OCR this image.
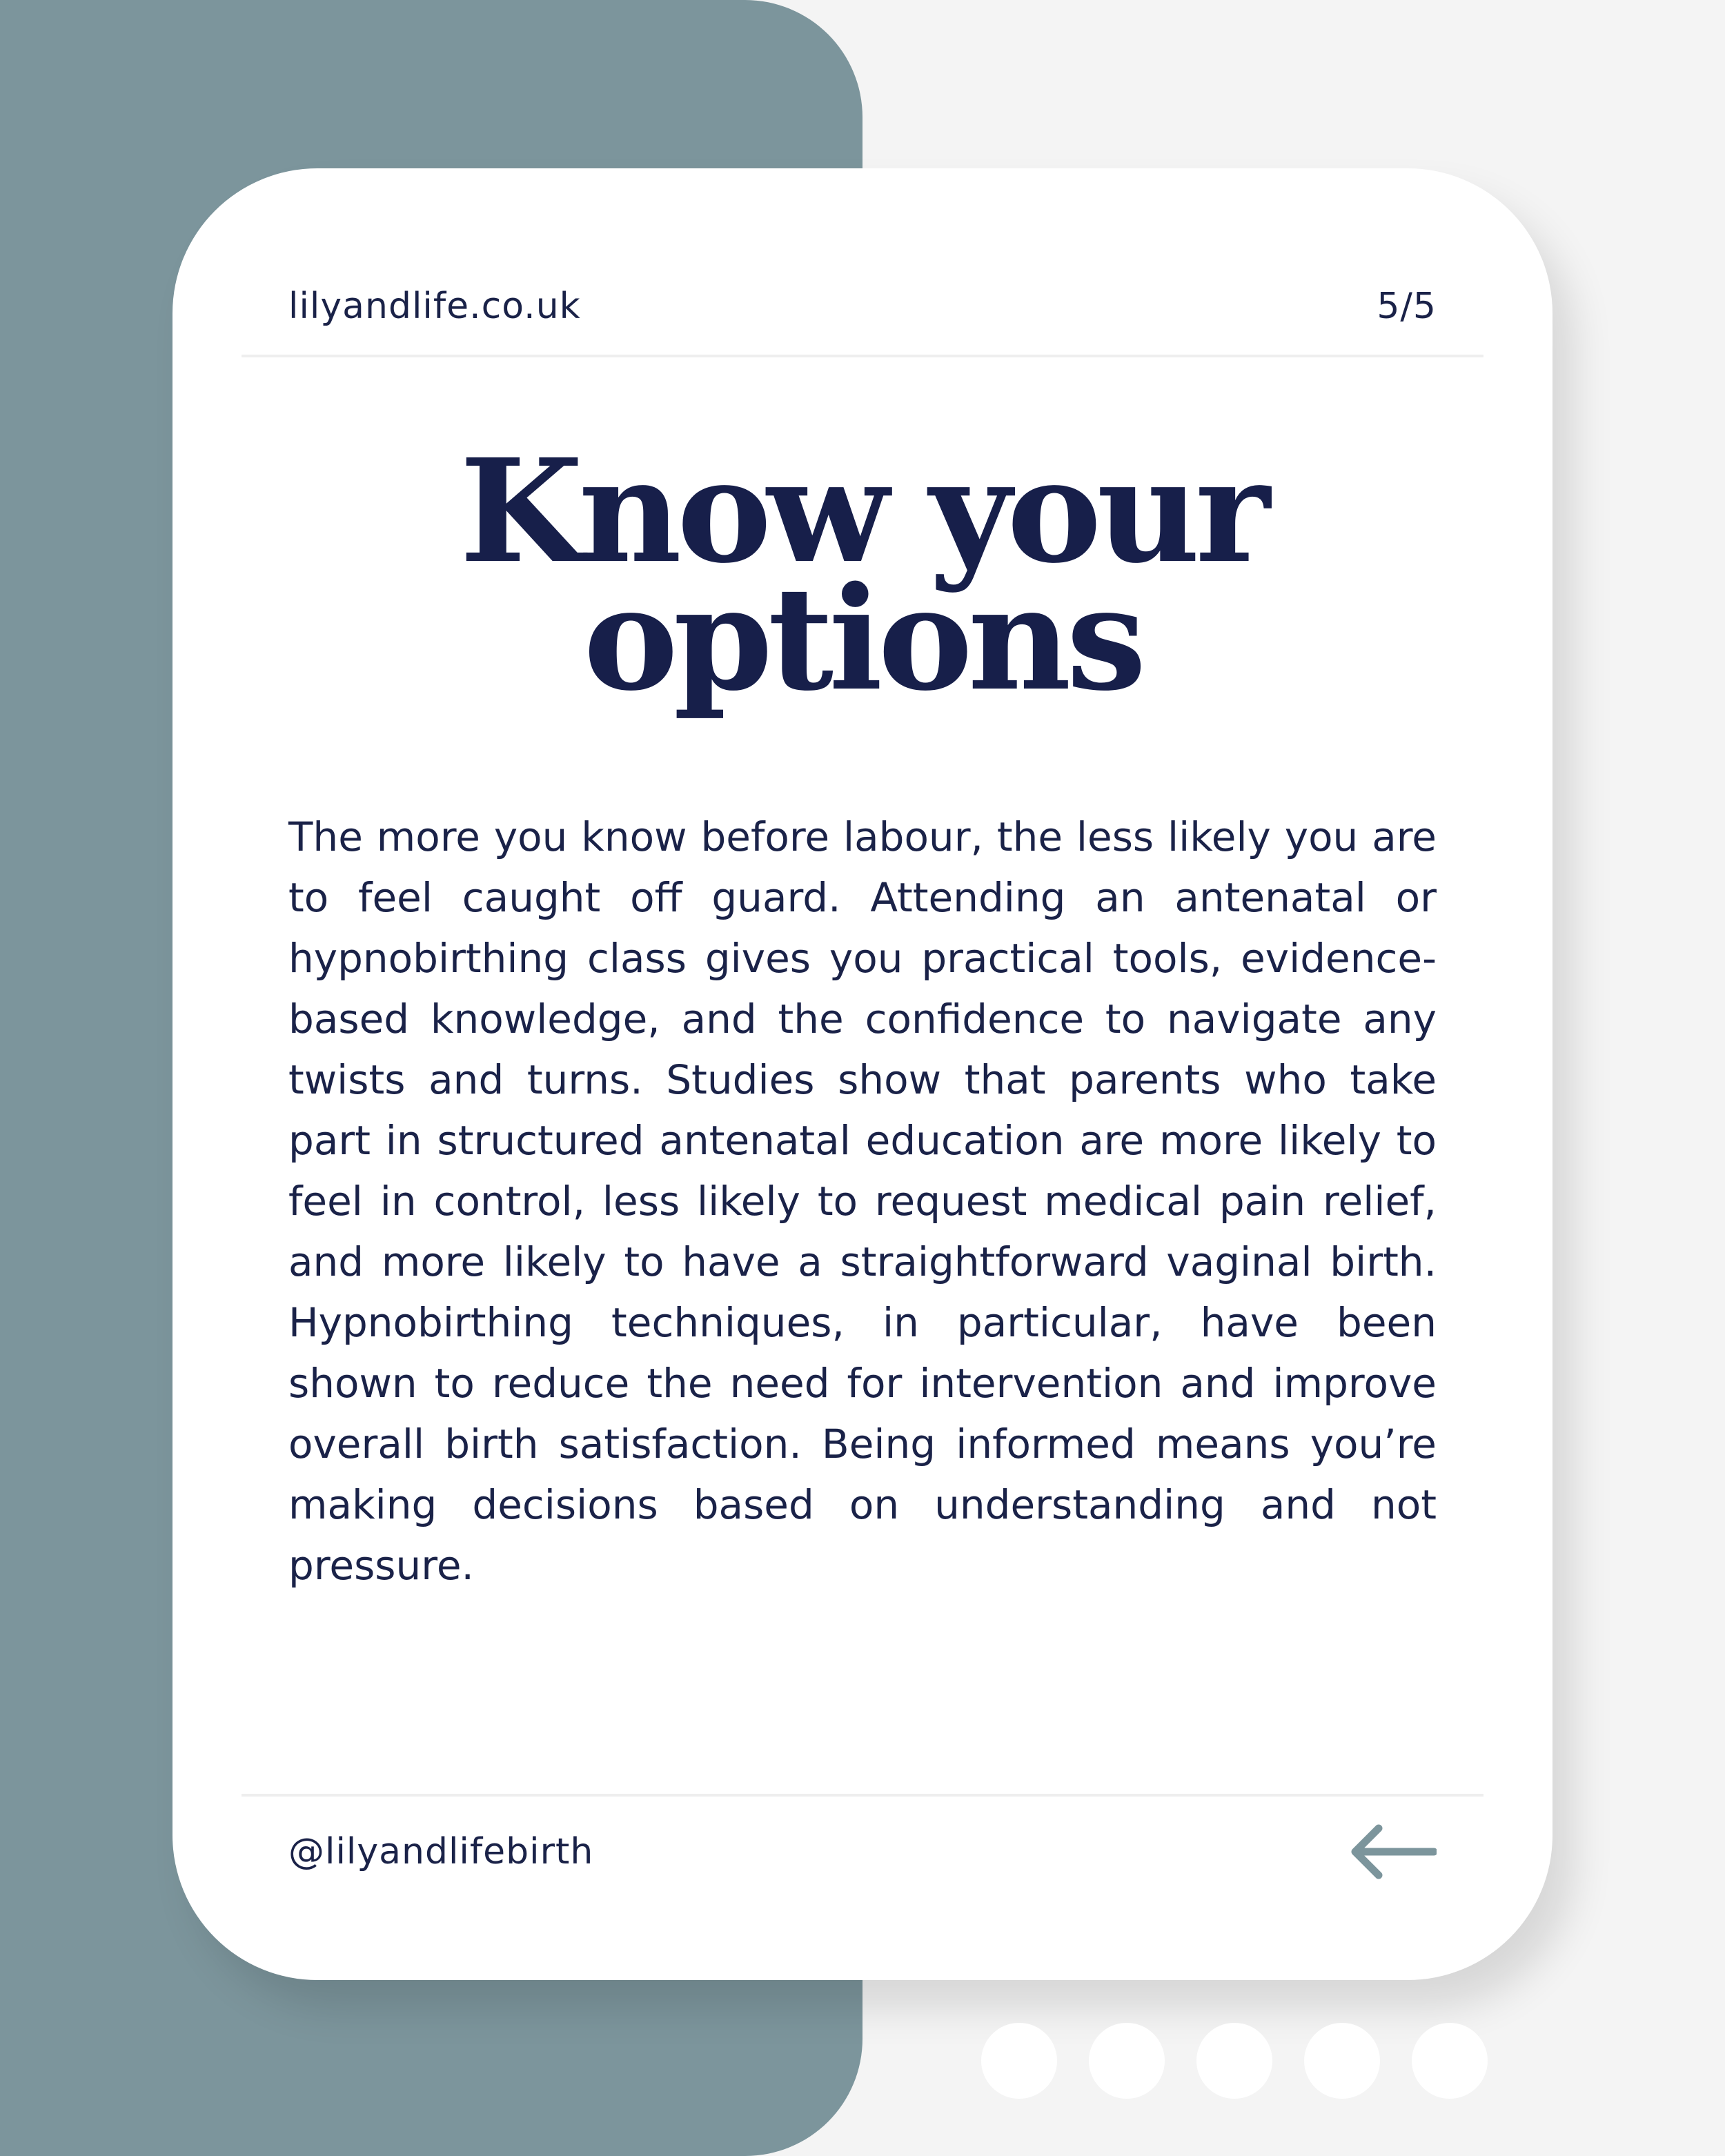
lilyandlife.co.uk	5/5
Know your
options

The more you know before labour, the less likely you are to feel caught off guard. Attending an antenatal or hypnobirthing class gives you practical tools, evidence-based knowledge, and the confidence to navigate any twists and turns. Studies show that parents who take part in structured antenatal education are more likely to feel in control, less likely to request medical pain relief, and more likely to have a straightforward vaginal birth. Hypnobirthing techniques, in particular, have been shown to reduce the need for intervention and improve overall birth satisfaction. Being informed means you’re making decisions based on understanding and not pressure.

@lilyandlifebirth
